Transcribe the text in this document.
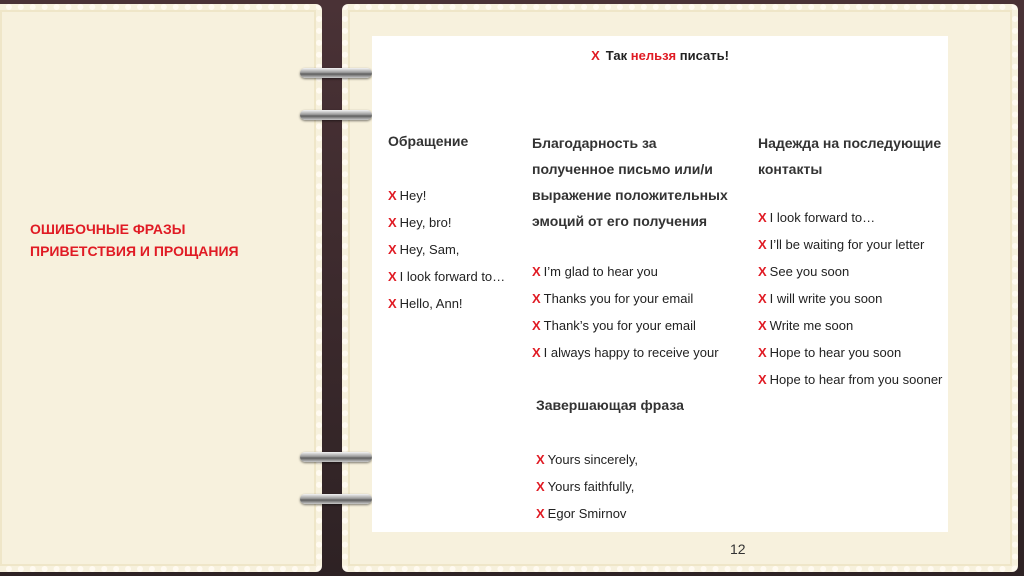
ОШИБОЧНЫЕ ФРАЗЫ ПРИВЕТСТВИЯ И ПРОЩАНИЯ

Х Так нельзя писать!

Обращение
Х Hey!
Х Hey, bro!
Х Hey, Sam,
Х I look forward to…
Х Hello, Ann!
Благодарность за полученное письмо или/и выражение положительных эмоций от его получения
Х I’m glad to hear you
Х Thanks you for your email
Х Thank’s you for your email
Х I always happy to receive your
Надежда на последующие контакты
Х I look forward to…
Х I’ll be waiting for your letter
Х See you soon
Х I will write you soon
Х Write me soon
Х Hope to hear you soon
Х Hope to hear from you sooner
Завершающая фраза
Х Yours sincerely,
Х Yours faithfully,
Х Egor Smirnov
12
